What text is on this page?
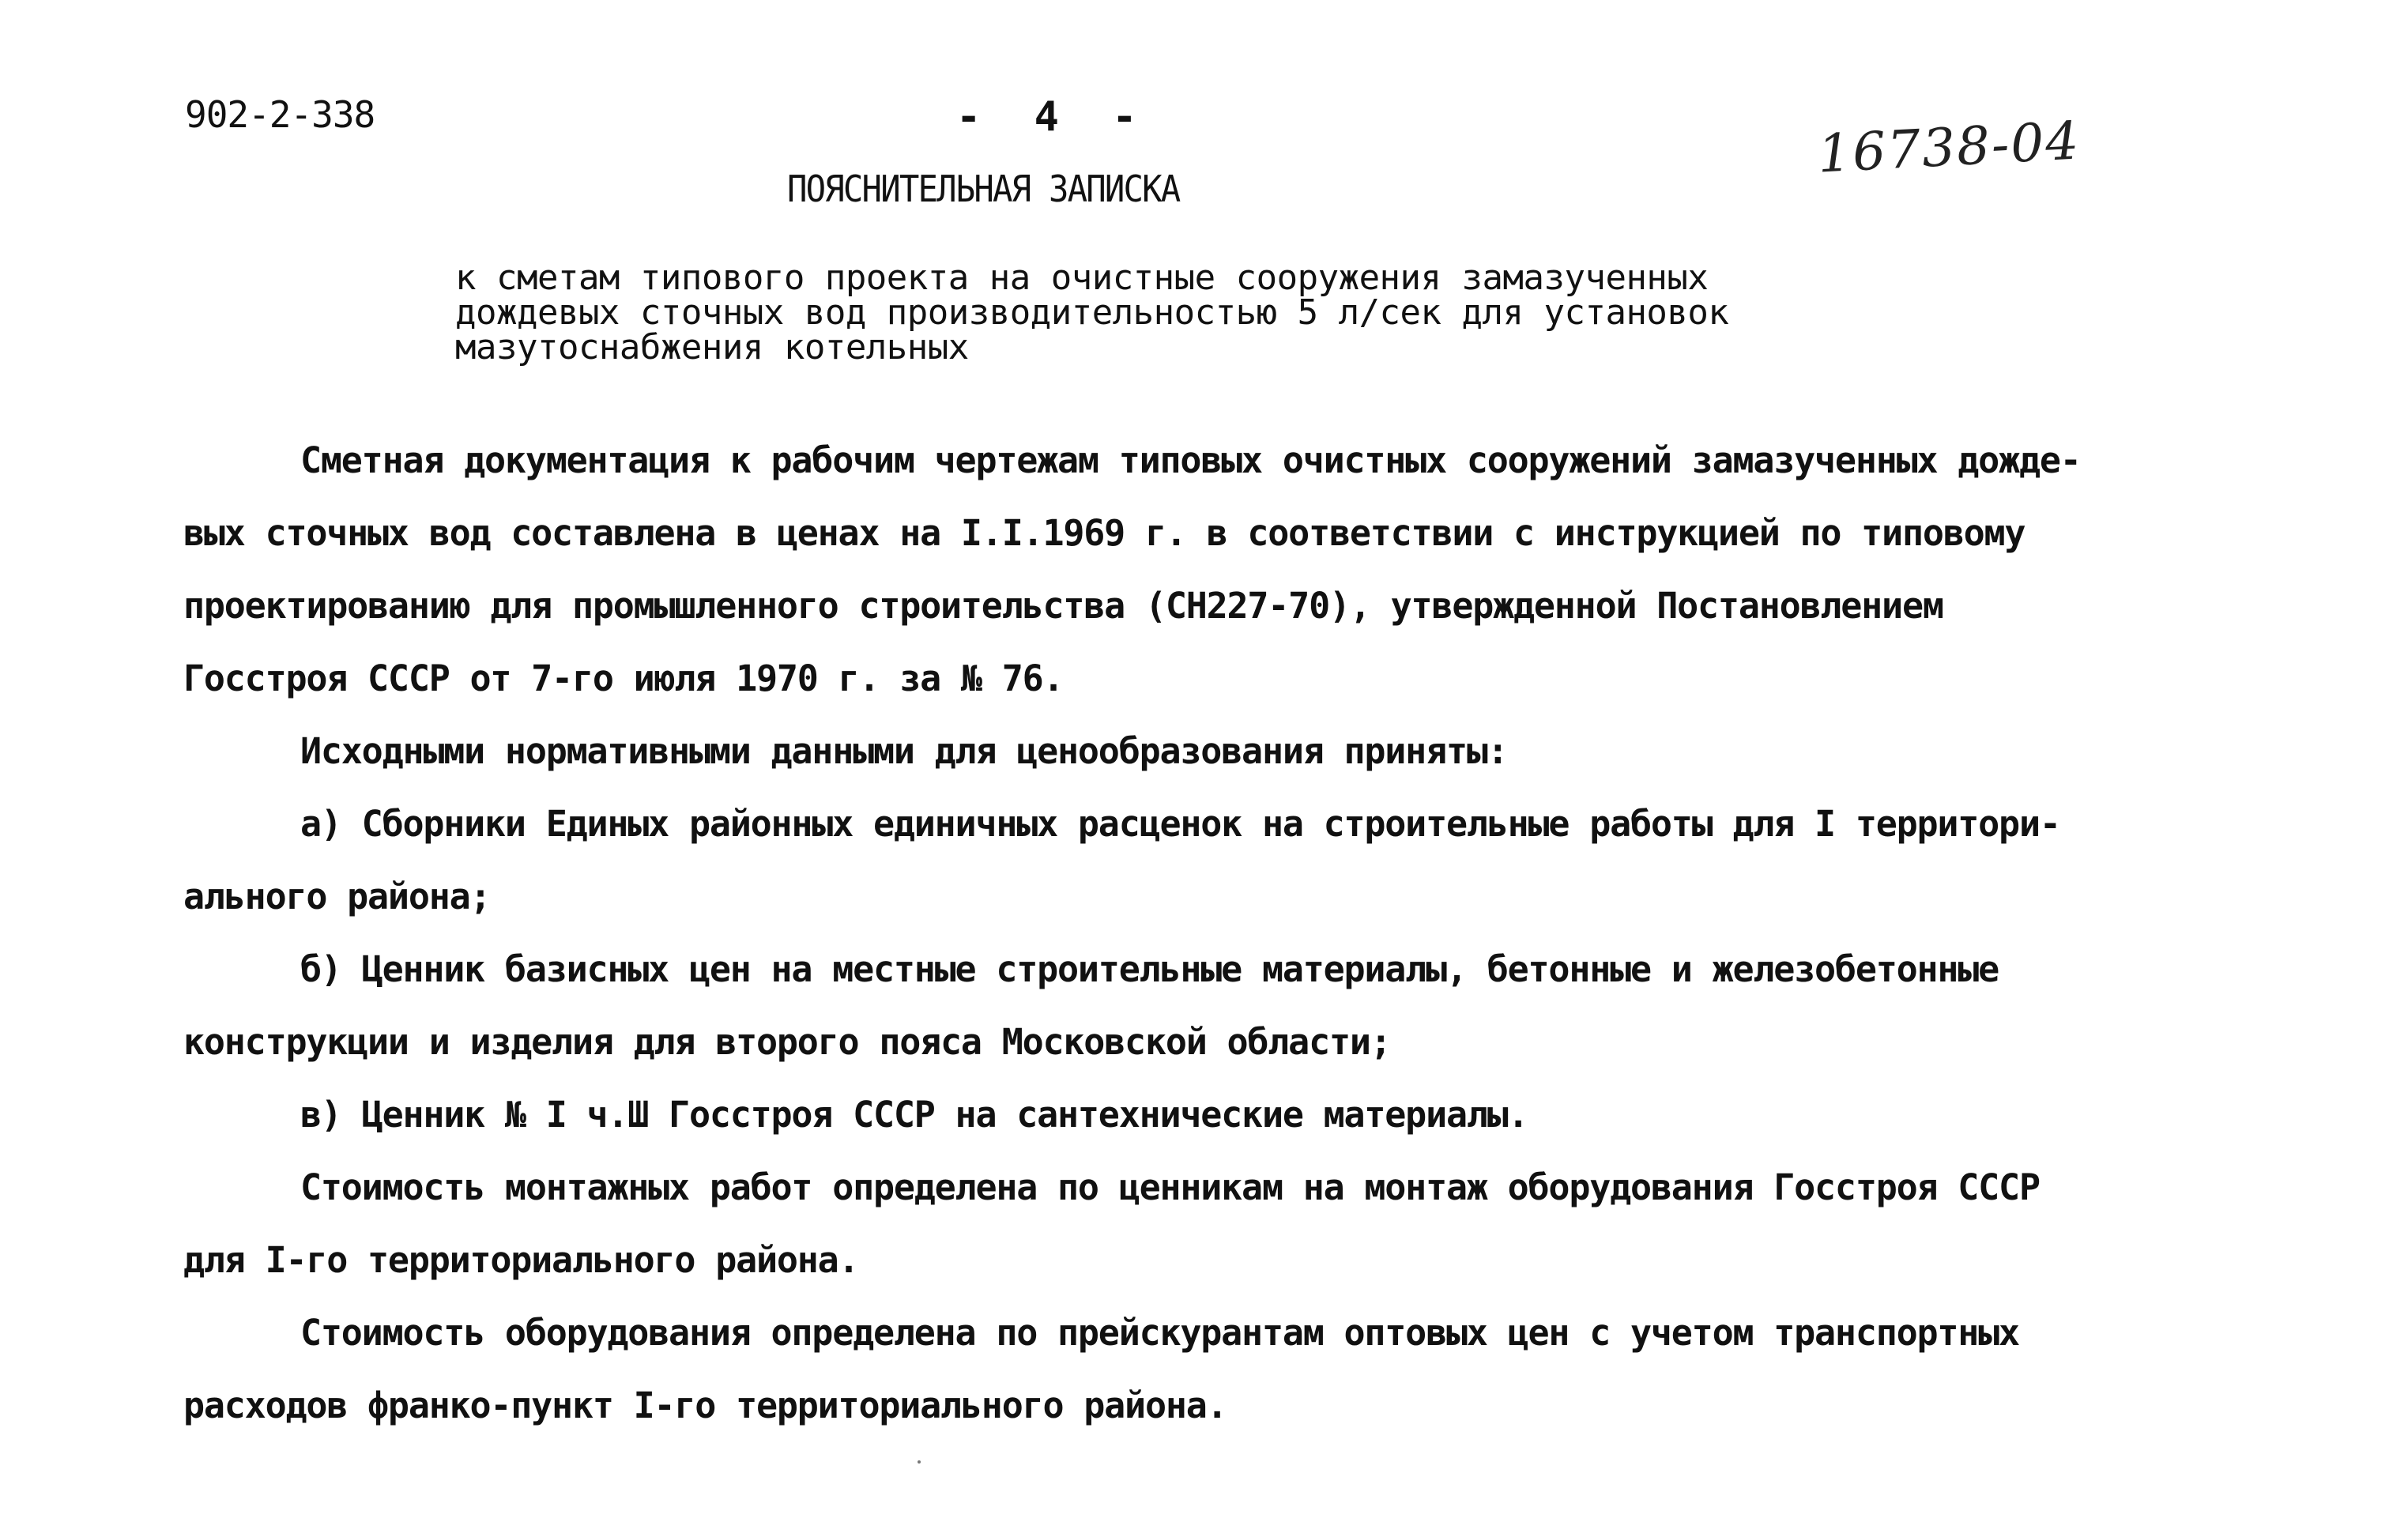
902-2-338	- 4 -	16738-04
ПОЯСНИТЕЛЬНАЯ ЗАПИСКА
к сметам типового проекта на очистные сооружения замазученных
дождевых сточных вод производительностью 5 л/сек для установок
мазутоснабжения котельных
Сметная документация к рабочим чертежам типовых очистных сооружений замазученных дожде-
вых сточных вод составлена в ценах на I.I.1969 г. в соответствии с инструкцией по типовому
проектированию для промышленного строительства (СН227-70), утвержденной Постановлением
Госстроя СССР от 7-го июля 1970 г. за № 76.
Исходными нормативными данными для ценообразования приняты:
а) Сборники Единых районных единичных расценок на строительные работы для I территори-
ального района;
б) Ценник базисных цен на местные строительные материалы, бетонные и железобетонные
конструкции и изделия для второго пояса Московской области;
в) Ценник № I ч.Ш Госстроя СССР на сантехнические материалы.
Стоимость монтажных работ определена по ценникам на монтаж оборудования Госстроя СССР
для I-го территориального района.
Стоимость оборудования определена по прейскурантам оптовых цен с учетом транспортных
расходов франко-пункт I-го территориального района.
